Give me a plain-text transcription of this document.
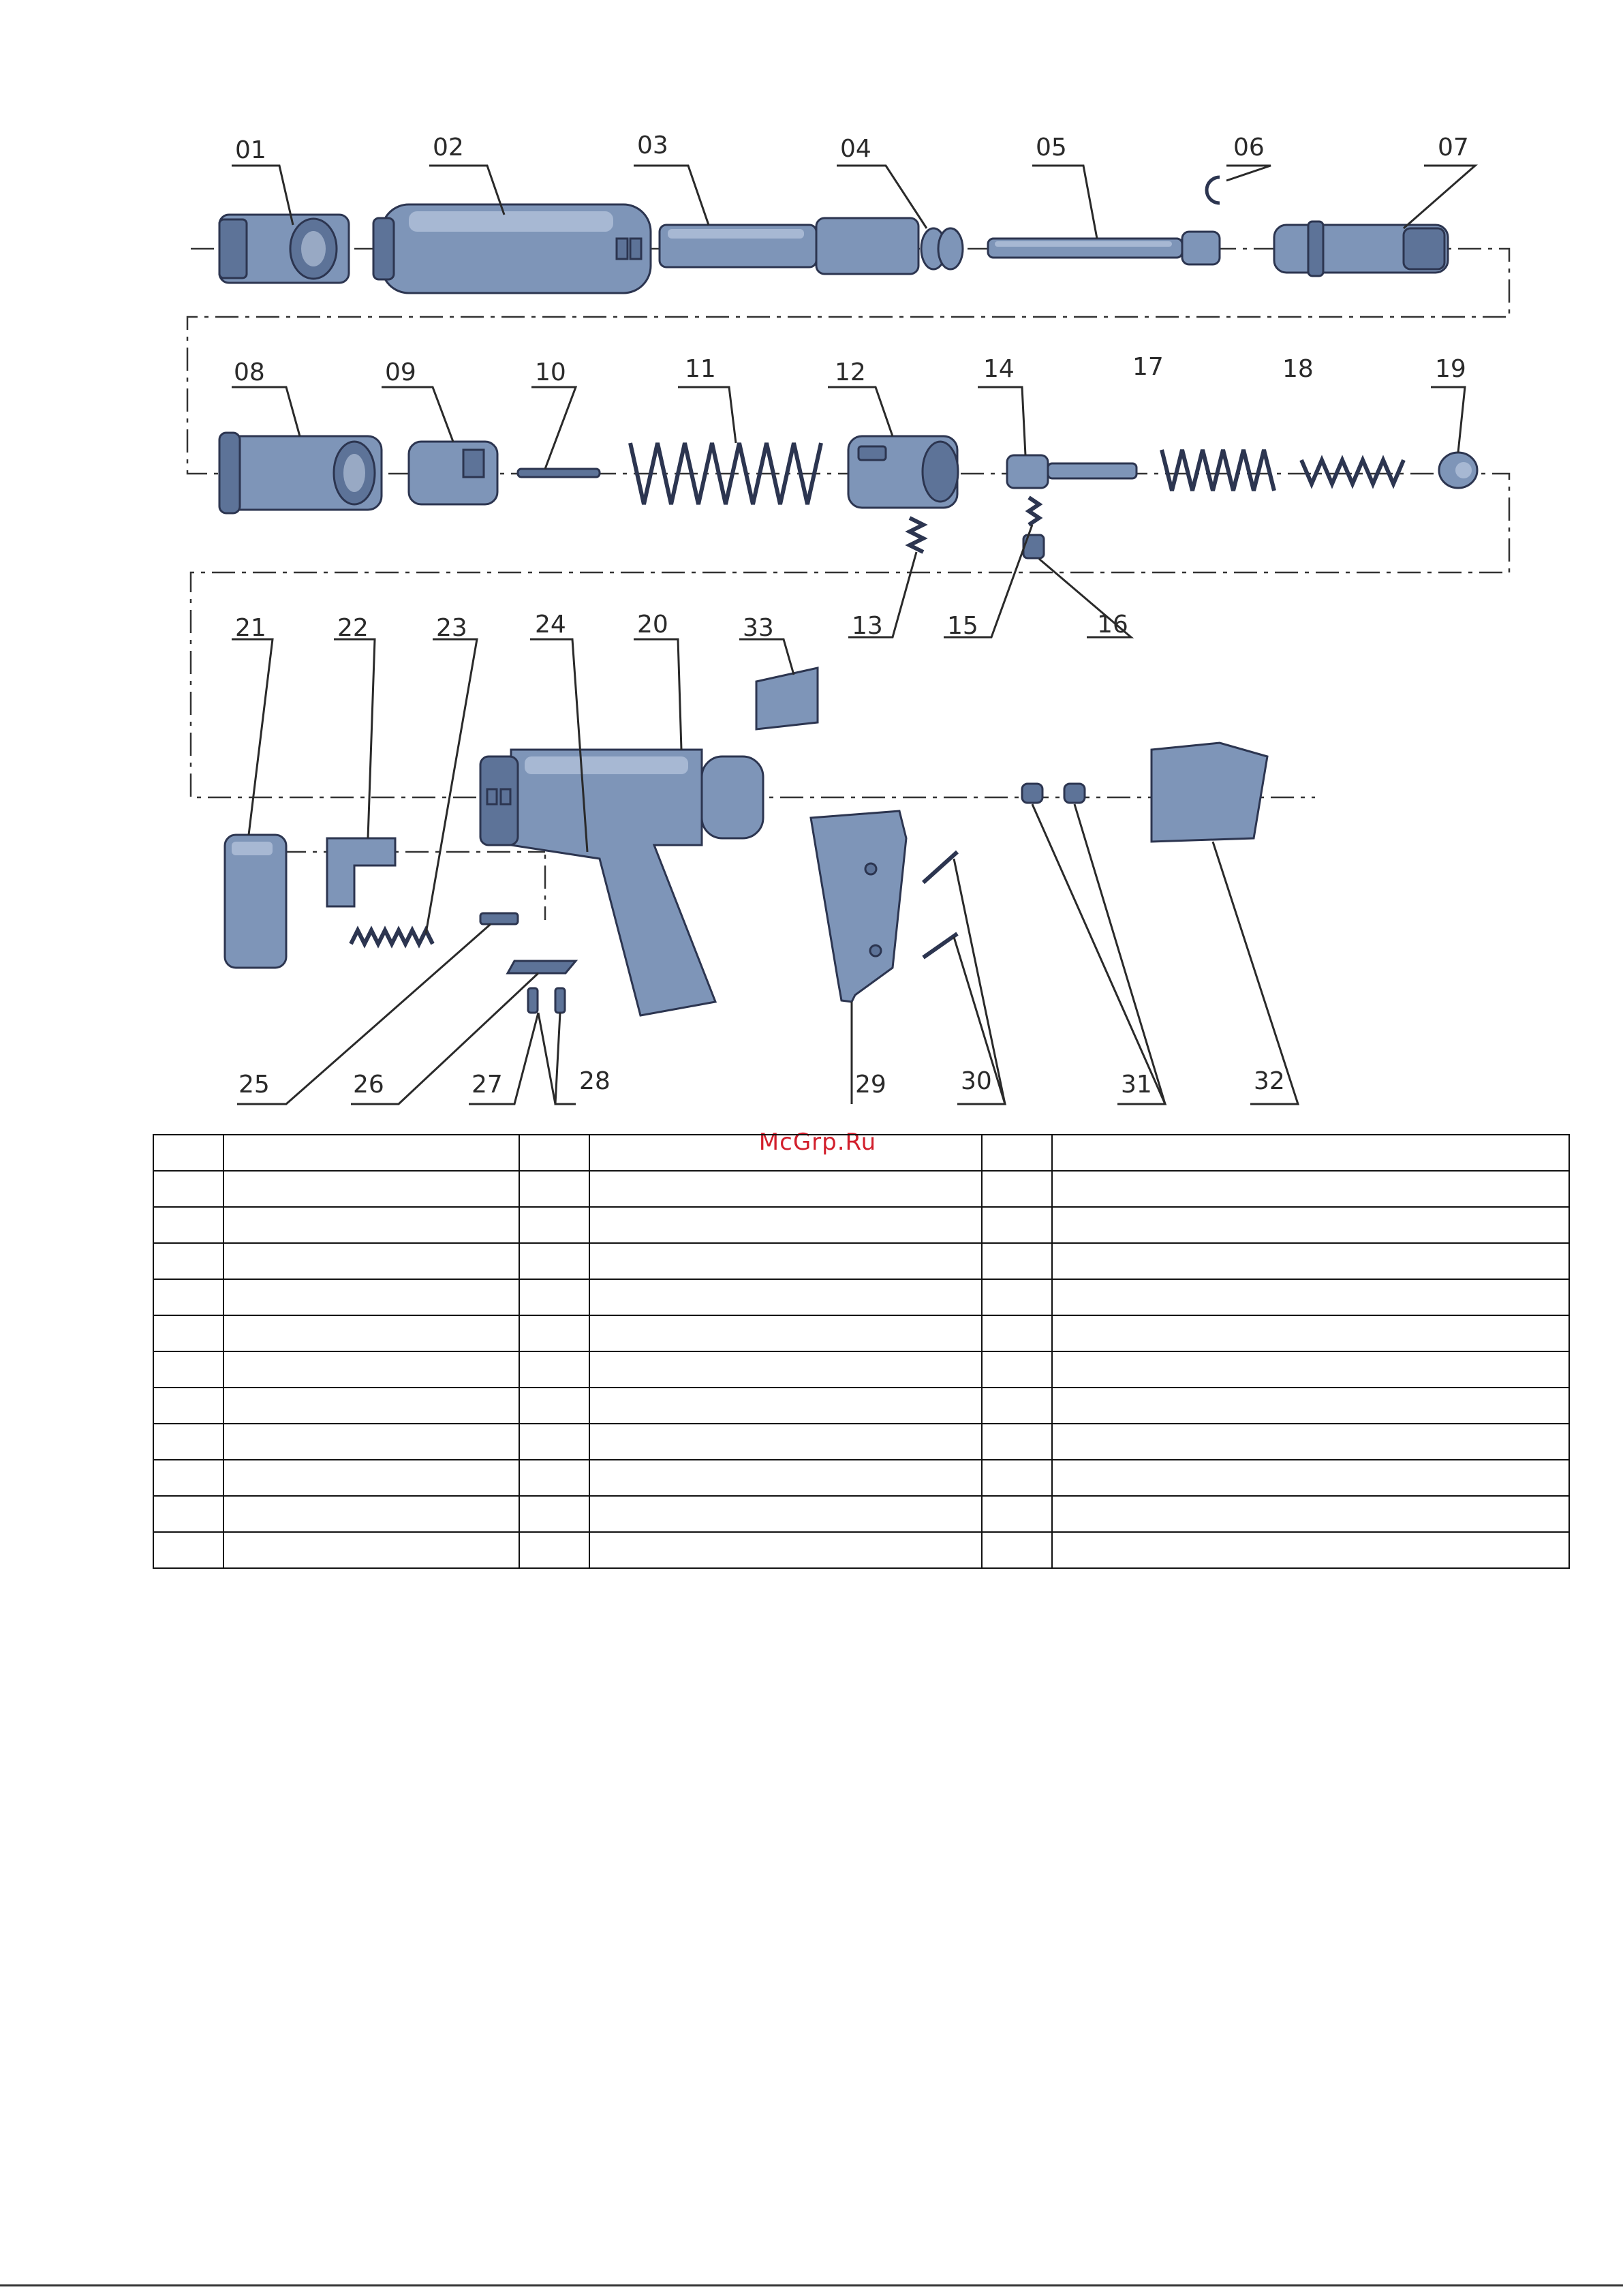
01	02	03	04	05	06	07
08	09	10	11	12
13
14
15	16
17	18	19
20
21	22	23	24	33
25	26	27	28	29	30	31	32
McGrp.Ru
